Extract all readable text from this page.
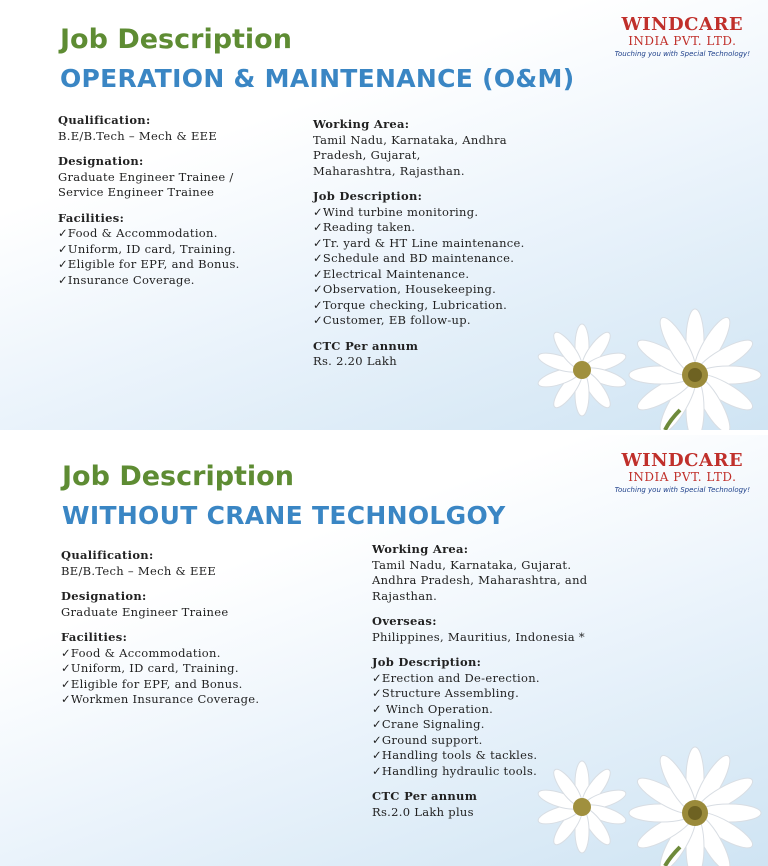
Job Description
OPERATION & MAINTENANCE (O&M)
WINDCARE
INDIA PVT. LTD.
Touching you with Special Technology!
Qualification:
B.E/B.Tech – Mech & EEE
Designation:
Graduate Engineer Trainee /
Service Engineer Trainee
Facilities:
✓Food & Accommodation.
✓Uniform, ID card, Training.
✓Eligible for EPF, and Bonus.
✓Insurance Coverage.
Working Area:
Tamil Nadu, Karnataka, Andhra
Pradesh, Gujarat,
Maharashtra, Rajasthan.
Job Description:
✓Wind turbine monitoring.
✓Reading taken.
✓Tr. yard & HT Line maintenance.
✓Schedule and BD maintenance.
✓Electrical Maintenance.
✓Observation, Housekeeping.
✓Torque checking, Lubrication.
✓Customer, EB follow-up.
CTC Per annum
Rs. 2.20 Lakh
Job Description
WITHOUT CRANE TECHNOLGOY
WINDCARE
INDIA PVT. LTD.
Touching you with Special Technology!
Qualification:
BE/B.Tech – Mech & EEE
Designation:
Graduate Engineer Trainee
Facilities:
✓Food & Accommodation.
✓Uniform, ID card, Training.
✓Eligible for EPF, and Bonus.
✓Workmen Insurance Coverage.
Working Area:
Tamil Nadu, Karnataka, Gujarat.
Andhra Pradesh, Maharashtra, and
Rajasthan.
Overseas:
Philippines, Mauritius, Indonesia *
Job Description:
✓Erection and De-erection.
✓Structure Assembling.
✓ Winch Operation.
✓Crane Signaling.
✓Ground support.
✓Handling tools & tackles.
✓Handling hydraulic tools.
CTC Per annum
Rs.2.0 Lakh plus
